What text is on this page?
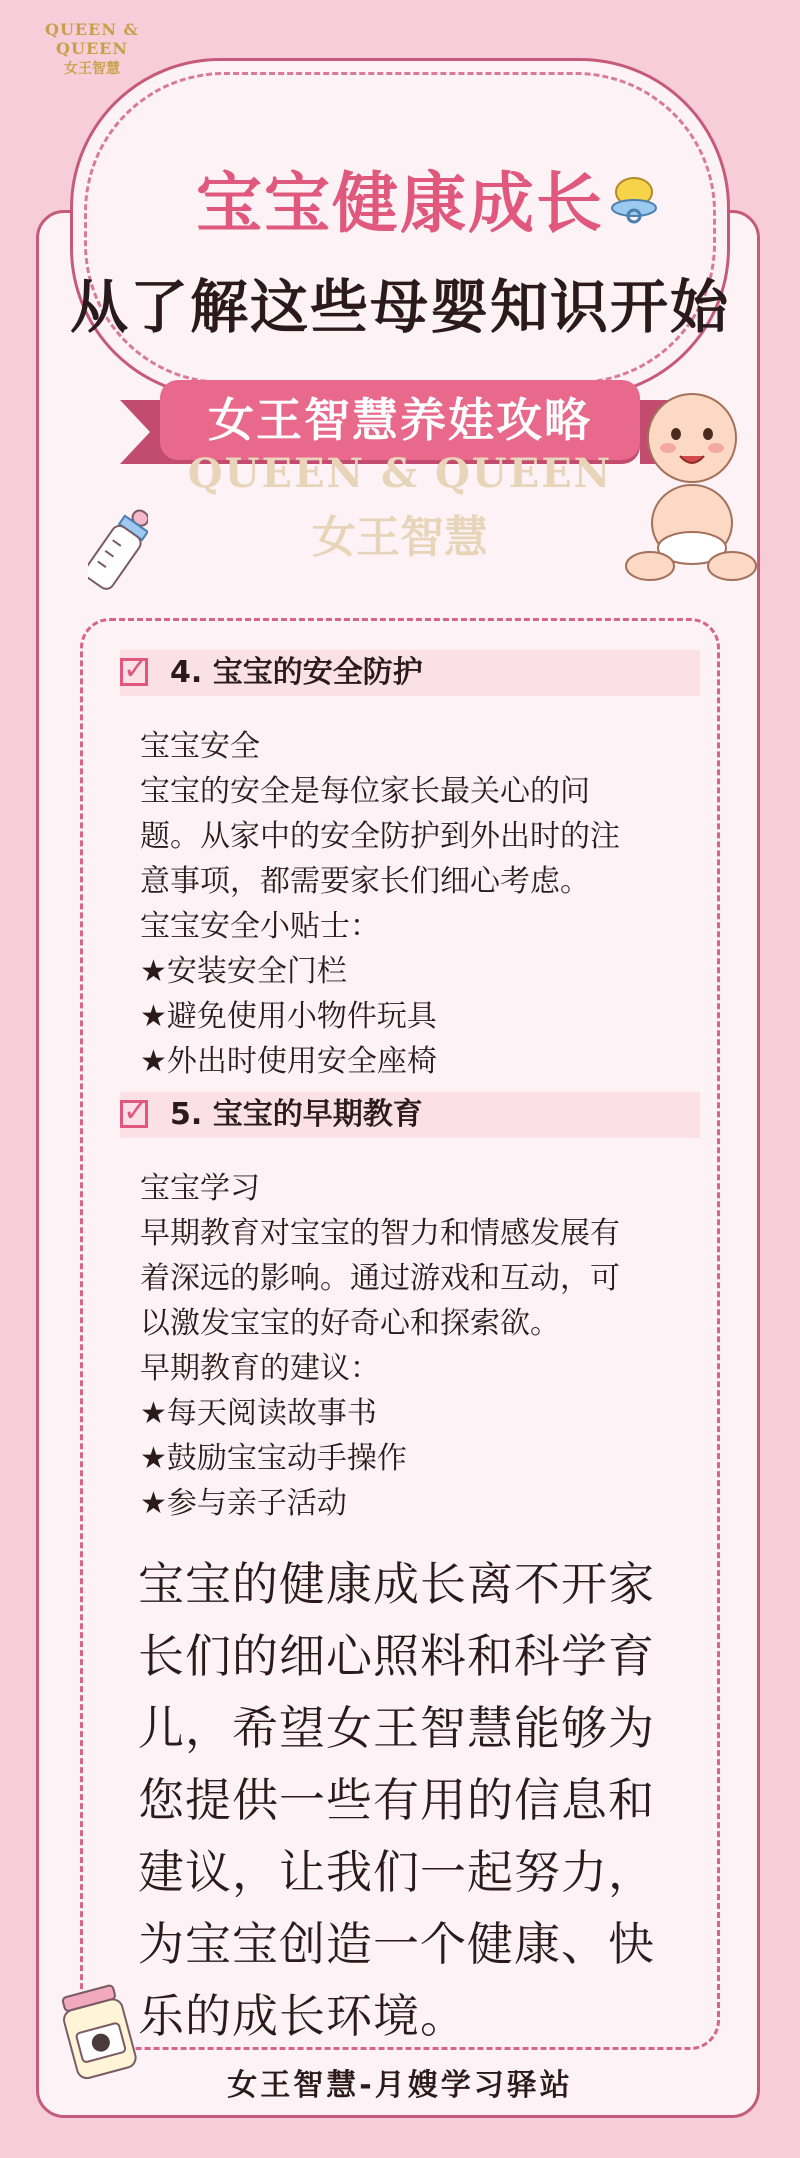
QUEEN & QUEEN
女王智慧
宝宝健康成长
从了解这些母婴知识开始
女王智慧养娃攻略
QUEEN & QUEEN
女王智慧
✓ 4. 宝宝的安全防护

宝宝安全

宝宝的安全是每位家长最关心的问

题。从家中的安全防护到外出时的注

意事项，都需要家长们细心考虑。

宝宝安全小贴士：

★安装安全门栏

★避免使用小物件玩具

★外出时使用安全座椅

✓ 5. 宝宝的早期教育

宝宝学习

早期教育对宝宝的智力和情感发展有

着深远的影响。通过游戏和互动，可

以激发宝宝的好奇心和探索欲。

早期教育的建议：

★每天阅读故事书

★鼓励宝宝动手操作

★参与亲子活动

宝宝的健康成长离不开家

长们的细心照料和科学育

儿，希望女王智慧能够为

您提供一些有用的信息和

建议，让我们一起努力，

为宝宝创造一个健康、快

乐的成长环境。

女王智慧-月嫂学习驿站
